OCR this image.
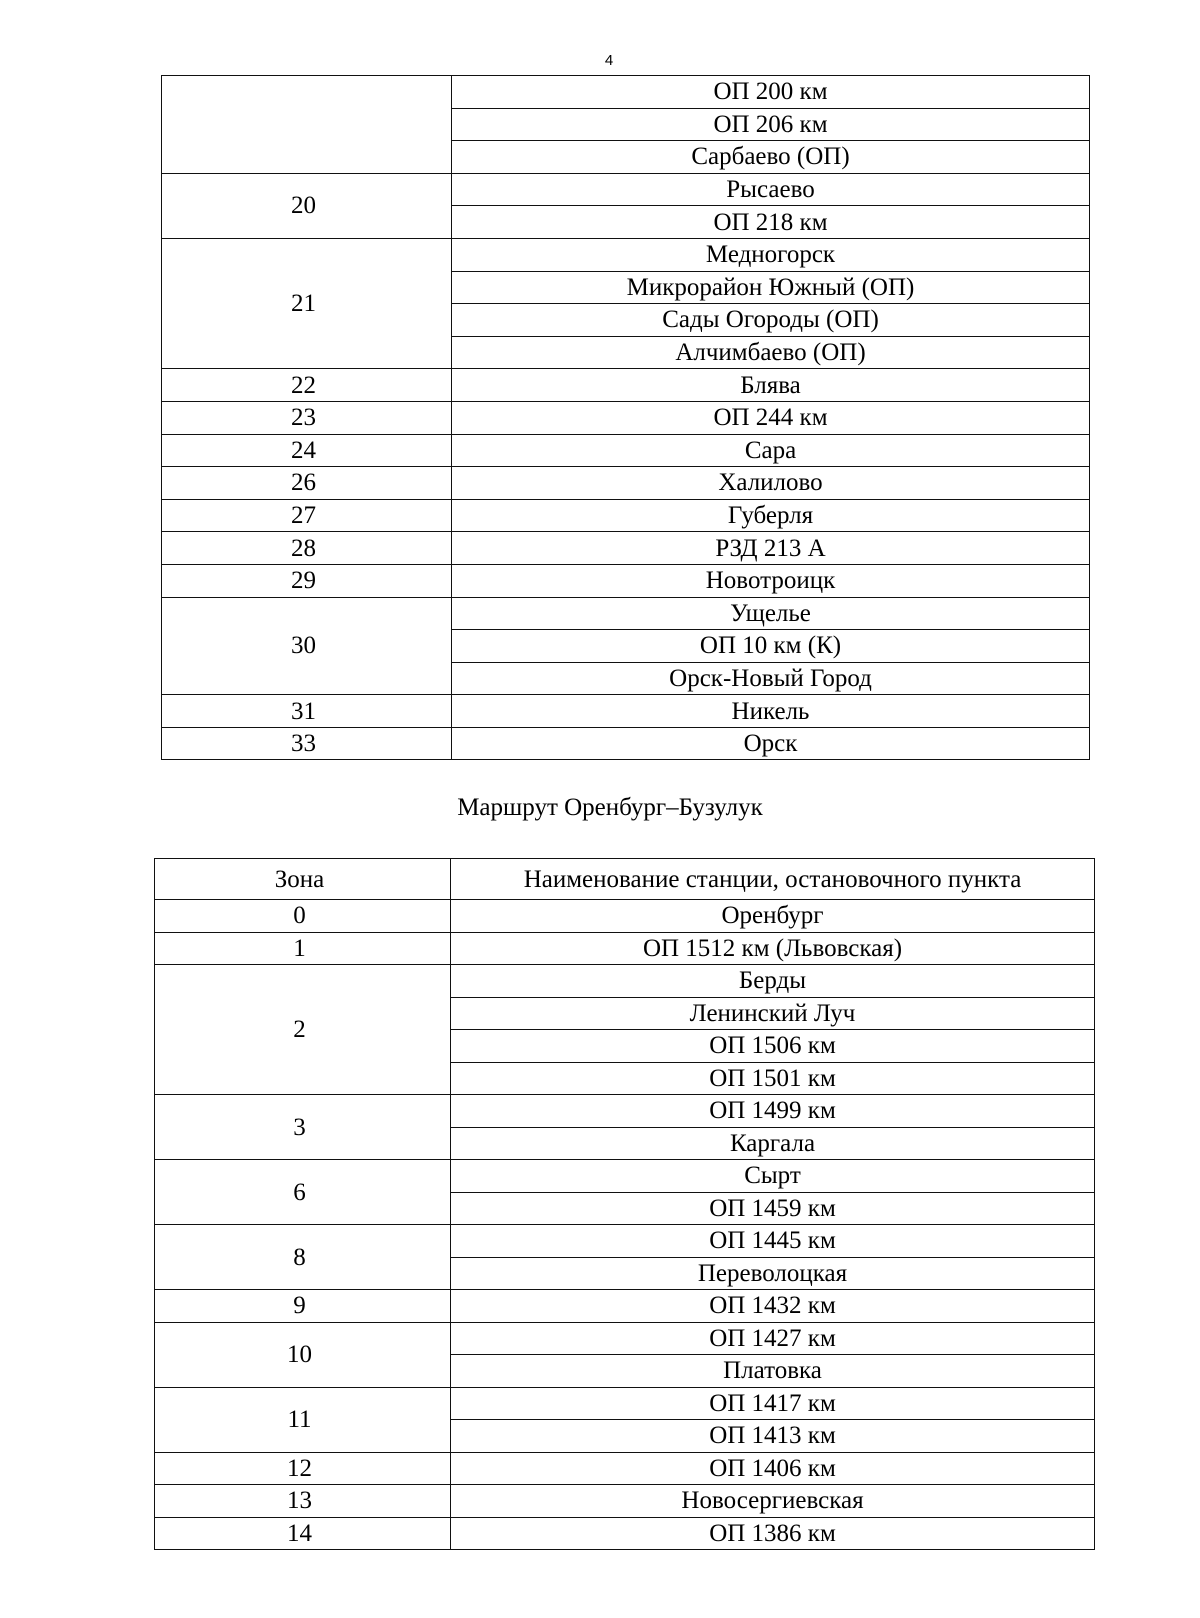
4
	ОП 200 км
	ОП 206 км
	Сарбаево (ОП)
20	Рысаево
	ОП 218 км
21	Медногорск
	Микрорайон Южный (ОП)
	Сады Огороды (ОП)
	Алчимбаево (ОП)
22	Блява
23	ОП 244 км
24	Сара
26	Халилово
27	Губерля
28	РЗД 213 А
29	Новотроицк
30	Ущелье
	ОП 10 км (К)
	Орск-Новый Город
31	Никель
33	Орск
Маршрут Оренбург–Бузулук
Зона	Наименование станции, остановочного пункта
0	Оренбург
1	ОП 1512 км (Львовская)
2	Берды
	Ленинский Луч
	ОП 1506 км
	ОП 1501 км
3	ОП 1499 км
	Каргала
6	Сырт
	ОП 1459 км
8	ОП 1445 км
	Переволоцкая
9	ОП 1432 км
10	ОП 1427 км
	Платовка
11	ОП 1417 км
	ОП 1413 км
12	ОП 1406 км
13	Новосергиевская
14	ОП 1386 км
